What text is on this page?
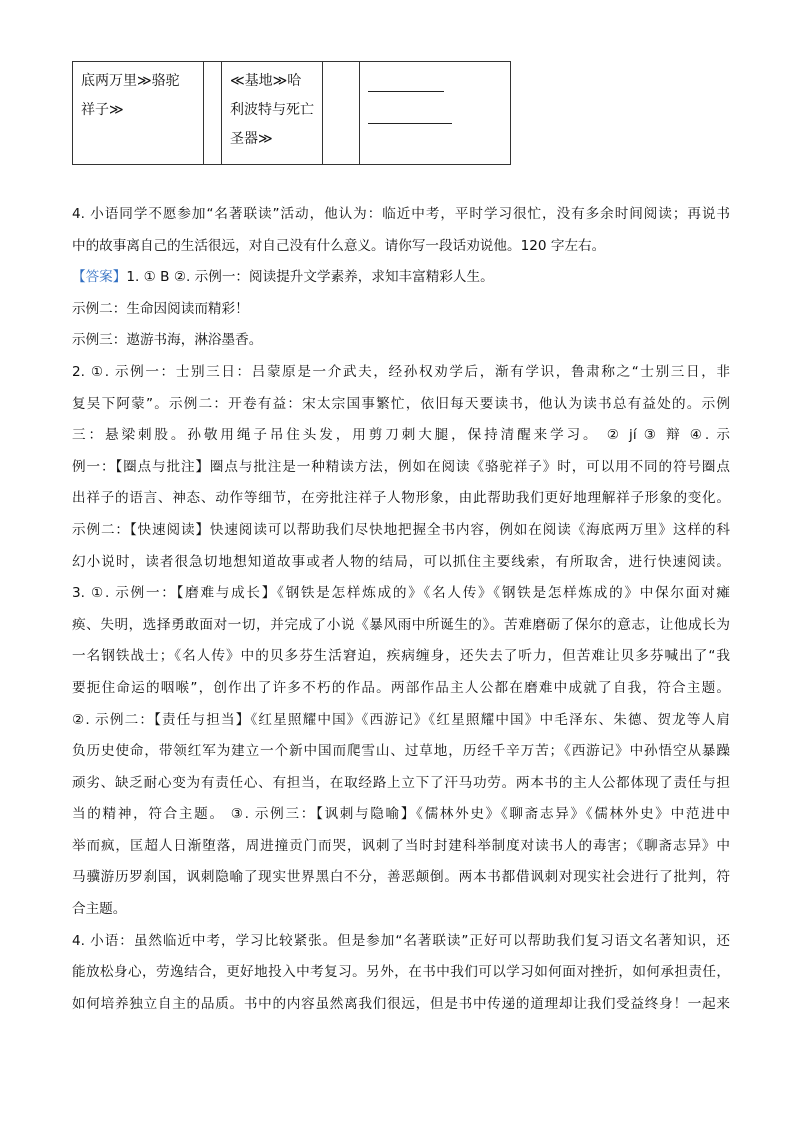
底两万里≫骆驼
祥子≫

≪基地≫哈
利波特与死亡
圣器≫

4. 小语同学不愿参加“名著联读”活动，他认为：临近中考，平时学习很忙，没有多余时间阅读；再说书
中的故事离自己的生活很远，对自己没有什么意义。请你写一段话劝说他。120 字左右。
【答案】1. ① B ②. 示例一：阅读提升文学素养，求知丰富精彩人生。
示例二：生命因阅读而精彩！
示例三：遨游书海，淋浴墨香。
2. ①. 示例一：士别三日：吕蒙原是一介武夫，经孙权劝学后，渐有学识，鲁肃称之“士别三日，非
复吴下阿蒙”。示例二：开卷有益：宋太宗国事繁忙，依旧每天要读书，他认为读书总有益处的。示例
三：悬梁刺股。孙敬用绳子吊住头发，用剪刀刺大腿，保持清醒来学习。 ② jí ③ 辩 ④. 示
例一：【圈点与批注】圈点与批注是一种精读方法，例如在阅读《骆驼祥子》时，可以用不同的符号圈点
出祥子的语言、神态、动作等细节，在旁批注祥子人物形象，由此帮助我们更好地理解祥子形象的变化。
示例二：【快速阅读】快速阅读可以帮助我们尽快地把握全书内容，例如在阅读《海底两万里》这样的科
幻小说时，读者很急切地想知道故事或者人物的结局，可以抓住主要线索，有所取舍，进行快速阅读。
3. ①. 示例一：【磨难与成长】《钢铁是怎样炼成的》《名人传》《钢铁是怎样炼成的》中保尔面对瘫
痪、失明，选择勇敢面对一切，并完成了小说《暴风雨中所诞生的》。苦难磨砺了保尔的意志，让他成长为
一名钢铁战士；《名人传》中的贝多芬生活窘迫，疾病缠身，还失去了听力，但苦难让贝多芬喊出了“我
要扼住命运的咽喉”，创作出了许多不朽的作品。两部作品主人公都在磨难中成就了自我，符合主题。
②. 示例二：【责任与担当】《红星照耀中国》《西游记》《红星照耀中国》中毛泽东、朱德、贺龙等人肩
负历史使命，带领红军为建立一个新中国而爬雪山、过草地，历经千辛万苦；《西游记》中孙悟空从暴躁
顽劣、缺乏耐心变为有责任心、有担当，在取经路上立下了汗马功劳。两本书的主人公都体现了责任与担
当的精神，符合主题。 ③. 示例三：【讽刺与隐喻】《儒林外史》《聊斋志异》《儒林外史》中范进中
举而疯，匡超人日渐堕落，周进撞贡门而哭，讽刺了当时封建科举制度对读书人的毒害；《聊斋志异》中
马骥游历罗刹国，讽刺隐喻了现实世界黑白不分，善恶颠倒。两本书都借讽刺对现实社会进行了批判，符
合主题。
4. 小语：虽然临近中考，学习比较紧张。但是参加“名著联读”正好可以帮助我们复习语文名著知识，还
能放松身心，劳逸结合，更好地投入中考复习。另外，在书中我们可以学习如何面对挫折，如何承担责任，
如何培养独立自主的品质。书中的内容虽然离我们很远，但是书中传递的道理却让我们受益终身！一起来
